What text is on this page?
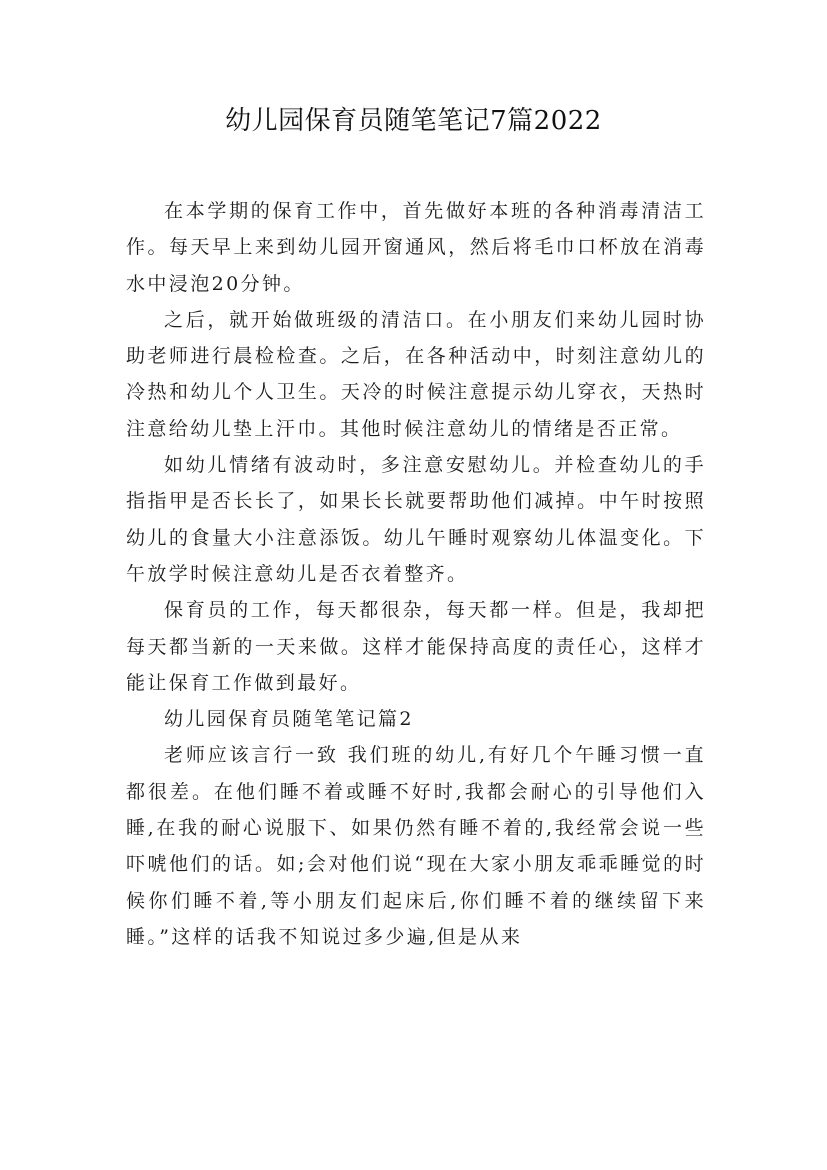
幼儿园保育员随笔笔记7篇2022

在本学期的保育工作中，首先做好本班的各种消毒清洁工作。每天早上来到幼儿园开窗通风，然后将毛巾口杯放在消毒水中浸泡20分钟。

之后，就开始做班级的清洁口。在小朋友们来幼儿园时协助老师进行晨检检查。之后，在各种活动中，时刻注意幼儿的冷热和幼儿个人卫生。天冷的时候注意提示幼儿穿衣，天热时注意给幼儿垫上汗巾。其他时候注意幼儿的情绪是否正常。

如幼儿情绪有波动时，多注意安慰幼儿。并检查幼儿的手指指甲是否长长了，如果长长就要帮助他们减掉。中午时按照幼儿的食量大小注意添饭。幼儿午睡时观察幼儿体温变化。下午放学时候注意幼儿是否衣着整齐。

保育员的工作，每天都很杂，每天都一样。但是，我却把每天都当新的一天来做。这样才能保持高度的责任心，这样才能让保育工作做到最好。

幼儿园保育员随笔笔记篇2

老师应该言行一致 我们班的幼儿,有好几个午睡习惯一直都很差。在他们睡不着或睡不好时,我都会耐心的引导他们入睡,在我的耐心说服下、如果仍然有睡不着的,我经常会说一些吓唬他们的话。如;会对他们说“现在大家小朋友乖乖睡觉的时候你们睡不着,等小朋友们起床后,你们睡不着的继续留下来睡。”这样的话我不知说过多少遍,但是从来
